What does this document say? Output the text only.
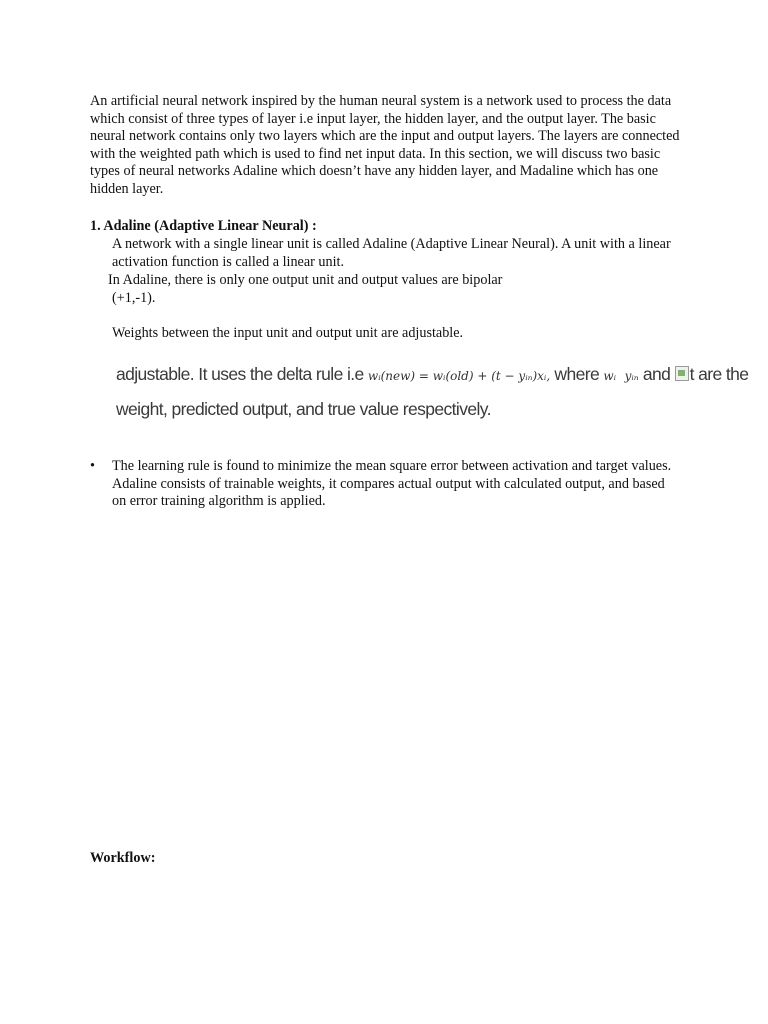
An artificial neural network inspired by the human neural system is a network used to process the data which consist of three types of layer i.e input layer, the hidden layer, and the output layer. The basic neural network contains only two layers which are the input and output layers. The layers are connected with the weighted path which is used to find net input data. In this section, we will discuss two basic types of neural networks Adaline which doesn’t have any hidden layer, and Madaline which has one hidden layer.

1. Adaline (Adaptive Linear Neural) :

A network with a single linear unit is called Adaline (Adaptive Linear Neural). A unit with a linear activation function is called a linear unit.

In Adaline, there is only one output unit and output values are bipolar

(+1,-1).

Weights between the input unit and output unit are adjustable.

adjustable. It uses the delta rule i.e wᵢ(new) = wᵢ(old) + (t − yᵢₙ)xᵢ, where wᵢ yᵢₙ and t are the
weight, predicted output, and true value respectively.
• The learning rule is found to minimize the mean square error between activation and target values. Adaline consists of trainable weights, it compares actual output with calculated output, and based on error training algorithm is applied.

Workflow:
